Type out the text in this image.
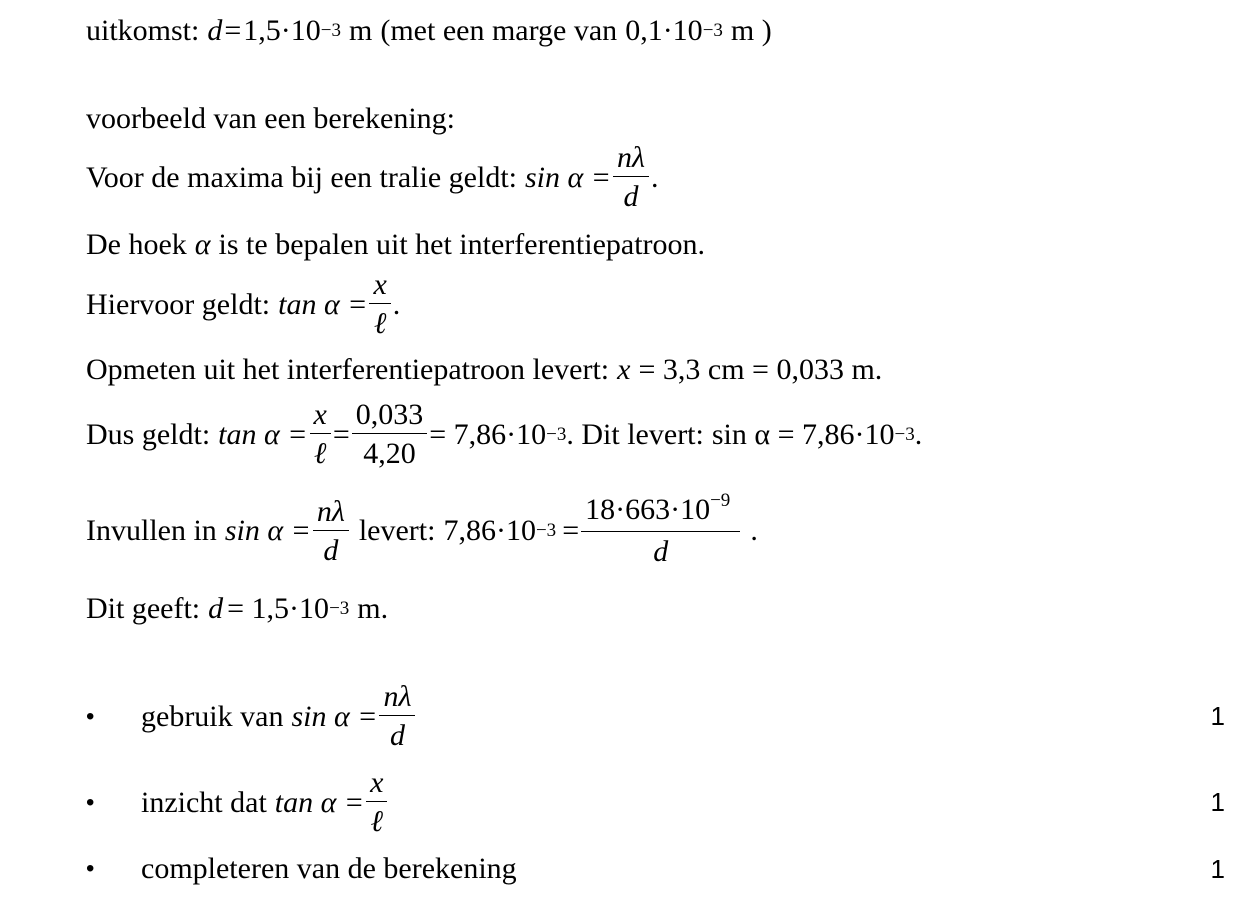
uitkomst: d = 1,5·10 −3 m (met een marge van 0,1·10 −3 m )
voorbeeld van een berekening:
Voor de maxima bij een tralie geldt: $\sin \alpha = \frac{n\lambda}{d}$ .
De hoek α is te bepalen uit het interferentiepatroon.
Hiervoor geldt: $\tan \alpha = \frac{x}{\text{ℓ}}$ .
Opmeten uit het interferentiepatroon levert: x = 3,3 cm = 0,033 m.
Dus geldt: $\tan \alpha = \frac{x}{\text{ℓ}} = \frac{0,033}{4,20} = 7,86\cdot 10 -3$ . Dit levert: sin α = 7,86·10 −3 .
Invullen in $\sin \alpha = \frac{n\lambda}{d}$ levert: $7,86\cdot 10 -3 = \frac{18\cdot 663\cdot 10^{-9}}{d}$ .
Dit geeft: d = 1,5·10 −3 m.
•	gebruik van $\sin \alpha = \frac{n\lambda}{d}$	1
•	inzicht dat $\tan \alpha = \frac{x}{\text{ℓ}}$	1
•	completeren van de berekening	1
